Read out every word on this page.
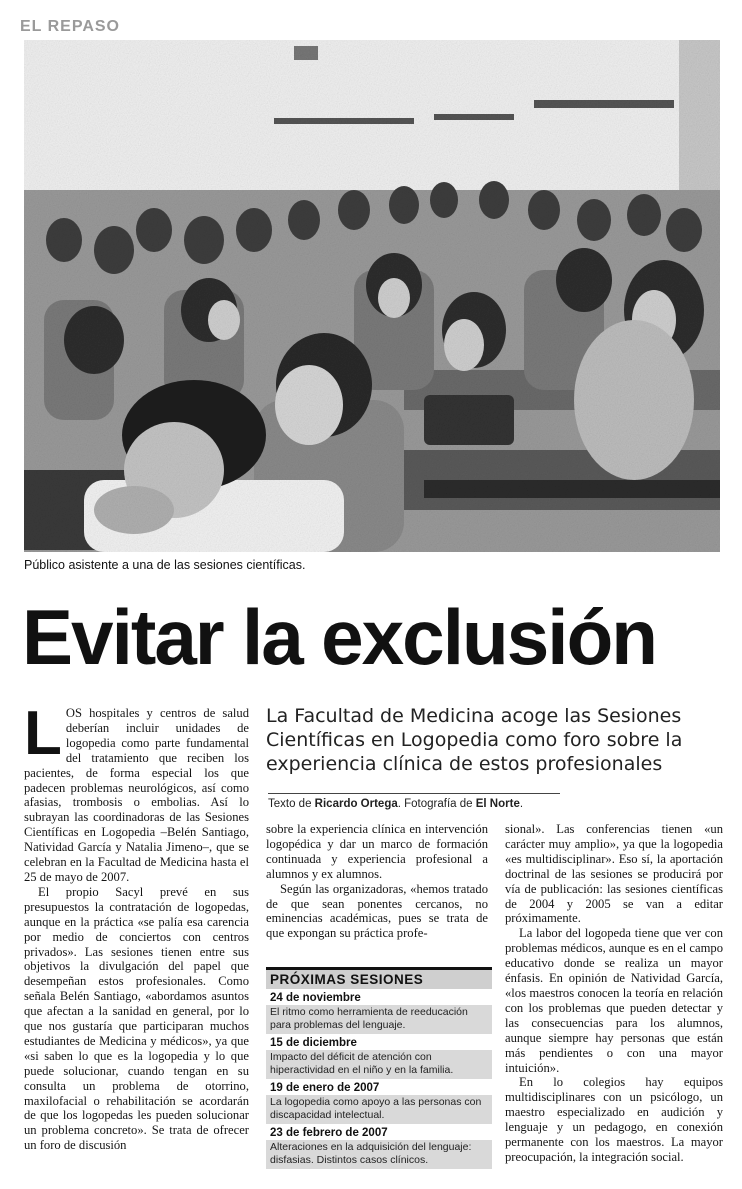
EL REPASO
Público asistente a una de las sesiones científicas.
Evitar la exclusión
La Facultad de Medicina acoge las Sesiones Científicas en Logopedia como foro sobre la experiencia clínica de estos profesionales
Texto de Ricardo Ortega. Fotografía de El Norte.

LOS hospitales y centros de salud deberían incluir unidades de logopedia como parte fundamental del tratamiento que reciben los pacientes, de forma especial los que padecen problemas neurológicos, así como afasias, trombosis o embolias. Así lo subrayan las coordinadoras de las Sesiones Científicas en Logopedia –Belén Santiago, Natividad García y Natalia Jimeno–, que se celebran en la Facultad de Medicina hasta el 25 de mayo de 2007.

El propio Sacyl prevé en sus presupuestos la contratación de logopedas, aunque en la práctica «se palía esa carencia por medio de conciertos con centros privados». Las sesiones tienen entre sus objetivos la divulgación del papel que desempeñan estos profesionales. Como señala Belén Santiago, «abordamos asuntos que afectan a la sanidad en general, por lo que nos gustaría que participaran muchos estudiantes de Medicina y médicos», ya que «si saben lo que es la logopedia y lo que puede solucionar, cuando tengan en su consulta un problema de otorrino, maxilofacial o rehabilitación se acordarán de que los logopedas les pueden solucionar un problema concreto». Se trata de ofrecer un foro de discusión

sobre la experiencia clínica en intervención logopédica y dar un marco de formación continuada y experiencia profesional a alumnos y ex alumnos.

Según las organizadoras, «hemos tratado de que sean ponentes cercanos, no eminencias académicas, pues se trata de que expongan su práctica profe-

PRÓXIMAS SESIONES
24 de noviembre
El ritmo como herramienta de reeducación para problemas del lenguaje.
15 de diciembre
Impacto del déficit de atención con hiperactividad en el niño y en la familia.
19 de enero de 2007
La logopedia como apoyo a las personas con discapacidad intelectual.
23 de febrero de 2007
Alteraciones en la adquisición del lenguaje: disfasias. Distintos casos clínicos.

sional». Las conferencias tienen «un carácter muy amplio», ya que la logopedia «es multidisciplinar». Eso sí, la aportación doctrinal de las sesiones se producirá por vía de publicación: las sesiones científicas de 2004 y 2005 se van a editar próximamente.

La labor del logopeda tiene que ver con problemas médicos, aunque es en el campo educativo donde se realiza un mayor énfasis. En opinión de Natividad García, «los maestros conocen la teoría en relación con los problemas que pueden detectar y las consecuencias para los alumnos, aunque siempre hay personas que están más pendientes o con una mayor intuición».

En lo colegios hay equipos multidisciplinares con un psicólogo, un maestro especializado en audición y lenguaje y un pedagogo, en conexión permanente con los maestros. La mayor preocupación, la integración social.
